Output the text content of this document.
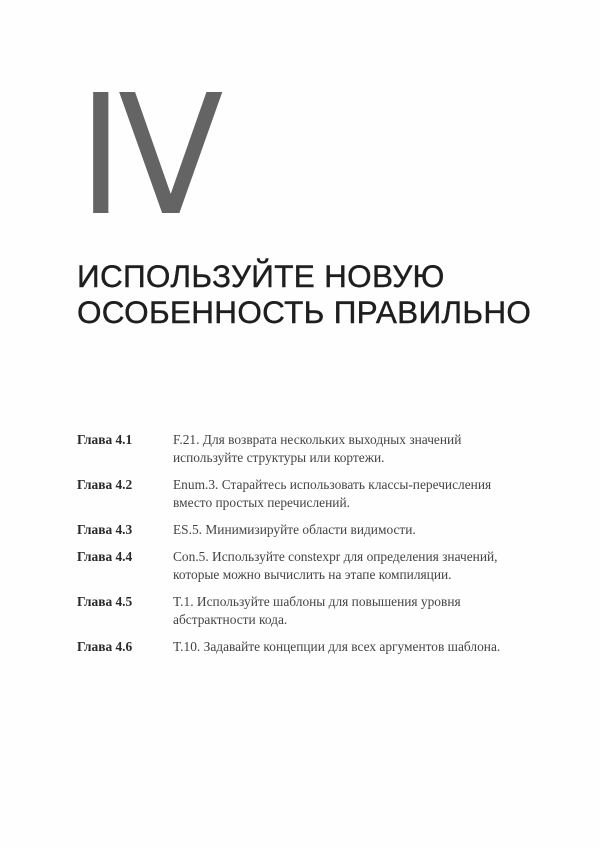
IV
ИСПОЛЬЗУЙТЕ НОВУЮ
ОСОБЕННОСТЬ ПРАВИЛЬНО
Глава 4.1	F.21. Для возврата нескольких выходных значений
используйте структуры или кортежи.
Глава 4.2	Enum.3. Старайтесь использовать классы-перечисления
вместо простых перечислений.
Глава 4.3	ES.5. Минимизируйте области видимости.
Глава 4.4	Con.5. Используйте constexpr для определения значений,
которые можно вычислить на этапе компиляции.
Глава 4.5	T.1. Используйте шаблоны для повышения уровня
абстрактности кода.
Глава 4.6	T.10. Задавайте концепции для всех аргументов шаблона.
